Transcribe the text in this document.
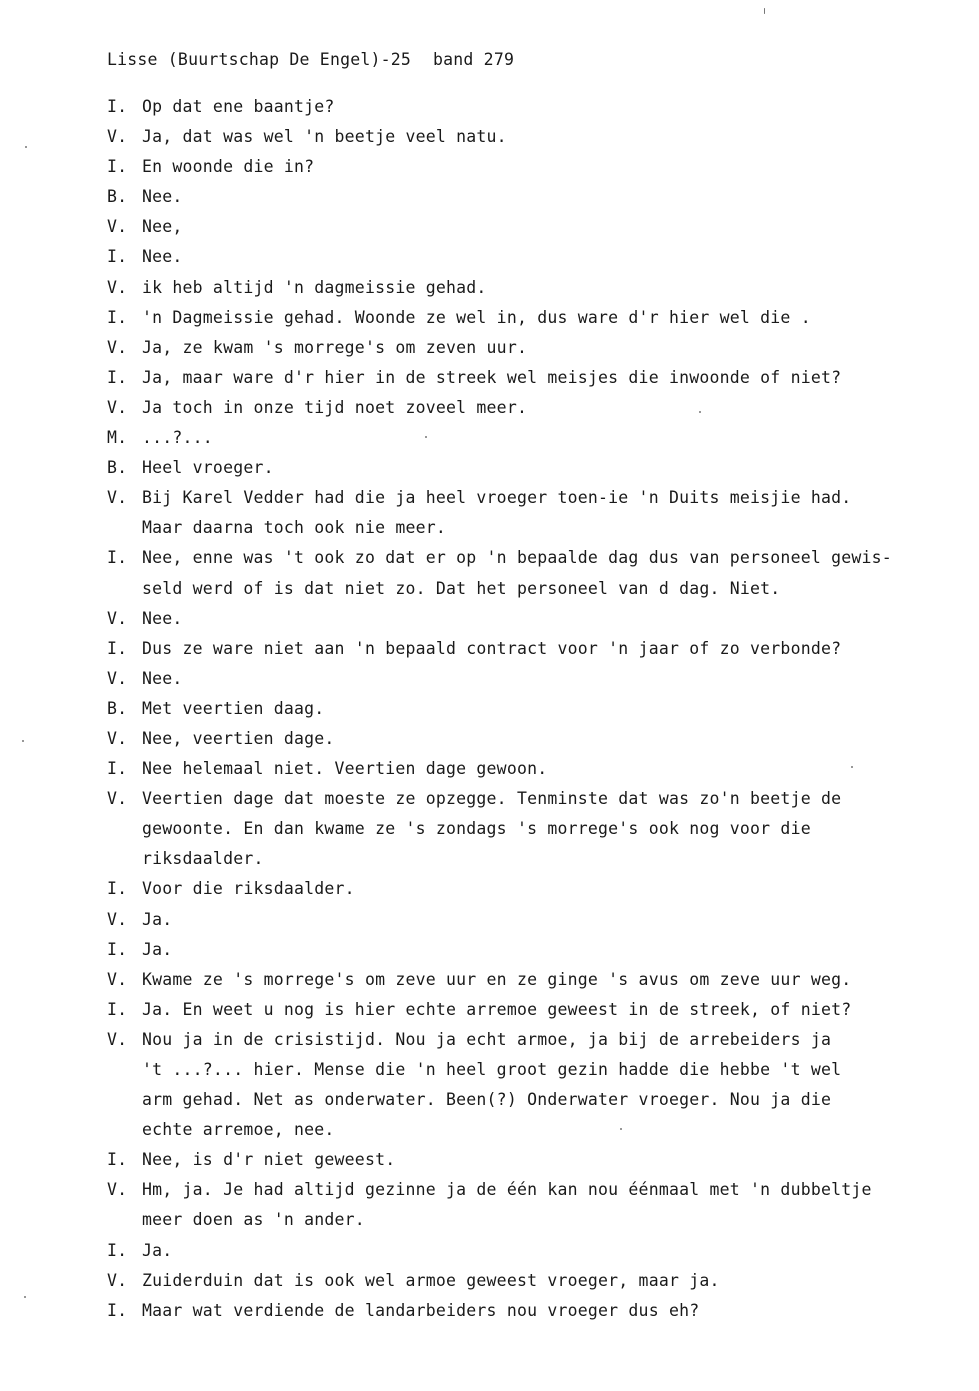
Lisse (Buurtschap De Engel)-25 band 279
I. Op dat ene baantje?
V. Ja, dat was wel 'n beetje veel natu.
I. En woonde die in?
B. Nee.
V. Nee,
I. Nee.
V. ik heb altijd 'n dagmeissie gehad.
I. 'n Dagmeissie gehad. Woonde ze wel in, dus ware d'r hier wel die .
V. Ja, ze kwam 's morrege's om zeven uur.
I. Ja, maar ware d'r hier in de streek wel meisjes die inwoonde of niet?
V. Ja toch in onze tijd noet zoveel meer.
M. ...?...
B. Heel vroeger.
V. Bij Karel Vedder had die ja heel vroeger toen-ie 'n Duits meisjie had.
Maar daarna toch ook nie meer.
I. Nee, enne was 't ook zo dat er op 'n bepaalde dag dus van personeel gewis-
seld werd of is dat niet zo. Dat het personeel van d dag. Niet.
V. Nee.
I. Dus ze ware niet aan 'n bepaald contract voor 'n jaar of zo verbonde?
V. Nee.
B. Met veertien daag.
V. Nee, veertien dage.
I. Nee helemaal niet. Veertien dage gewoon.
V. Veertien dage dat moeste ze opzegge. Tenminste dat was zo'n beetje de
gewoonte. En dan kwame ze 's zondags 's morrege's ook nog voor die
riksdaalder.
I. Voor die riksdaalder.
V. Ja.
I. Ja.
V. Kwame ze 's morrege's om zeve uur en ze ginge 's avus om zeve uur weg.
I. Ja. En weet u nog is hier echte arremoe geweest in de streek, of niet?
V. Nou ja in de crisistijd. Nou ja echt armoe, ja bij de arrebeiders ja
't ...?... hier. Mense die 'n heel groot gezin hadde die hebbe 't wel
arm gehad. Net as onderwater. Been(?) Onderwater vroeger. Nou ja die
echte arremoe, nee.
I. Nee, is d'r niet geweest.
V. Hm, ja. Je had altijd gezinne ja de één kan nou éénmaal met 'n dubbeltje
meer doen as 'n ander.
I. Ja.
V. Zuiderduin dat is ook wel armoe geweest vroeger, maar ja.
I. Maar wat verdiende de landarbeiders nou vroeger dus eh?
